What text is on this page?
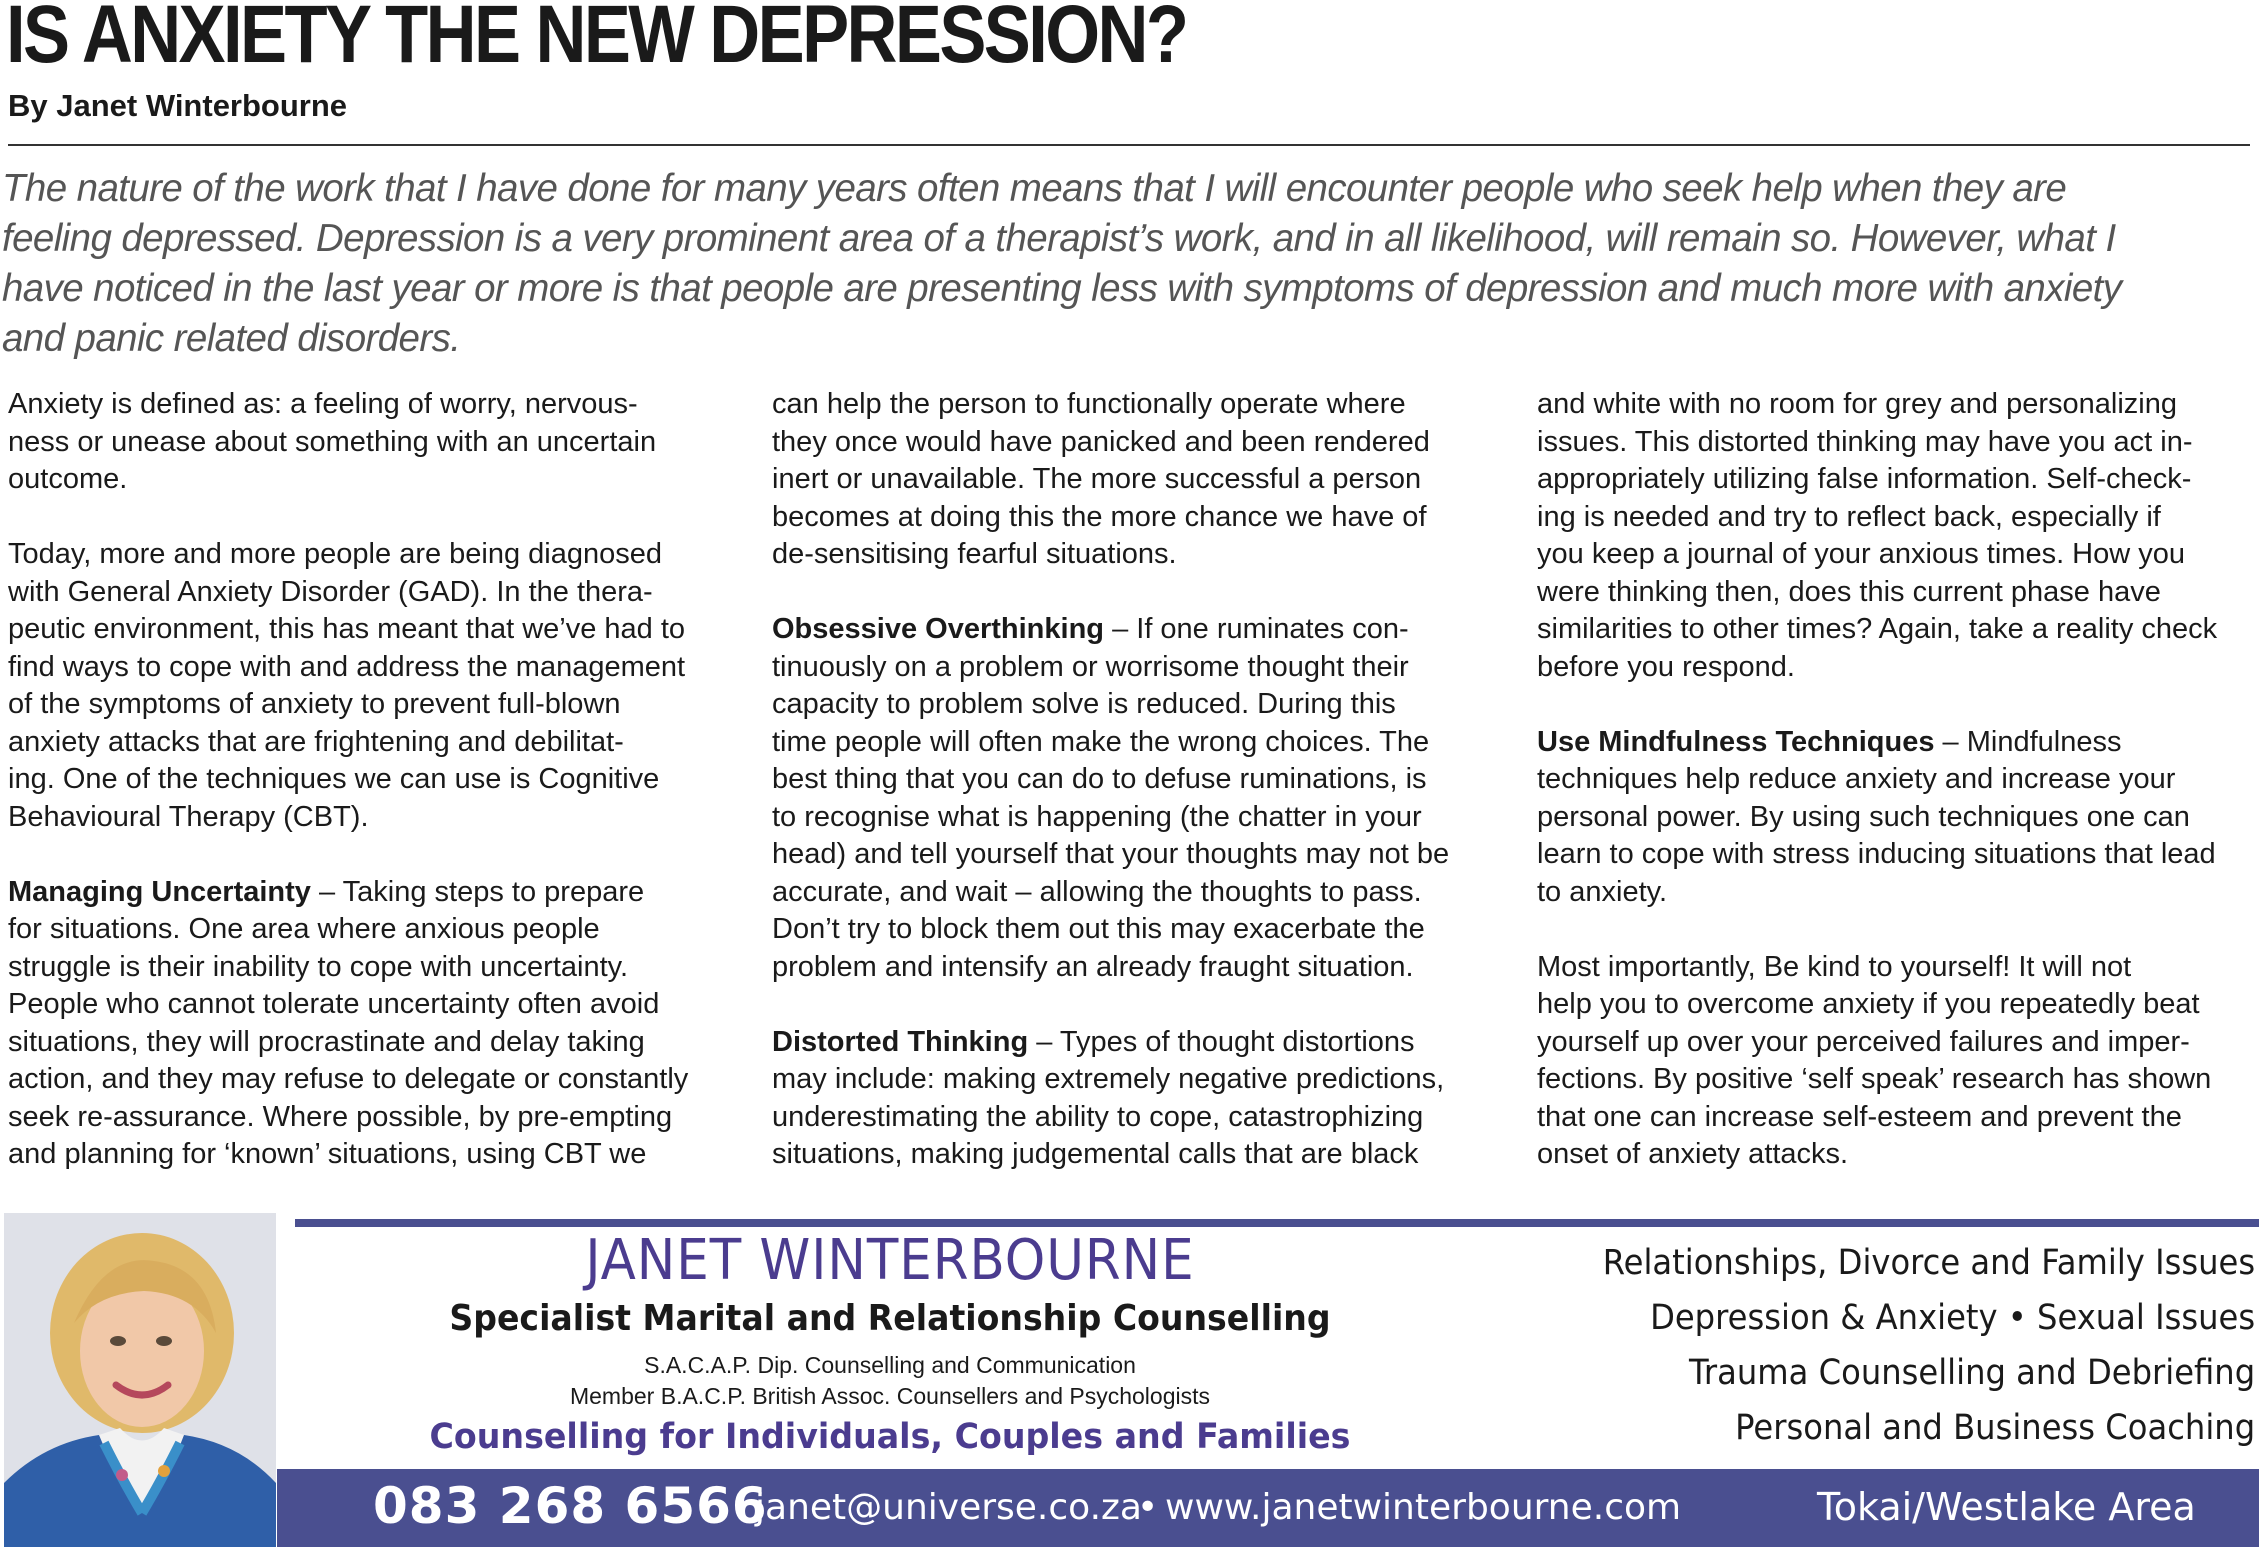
IS ANXIETY THE NEW DEPRESSION?
By Janet Winterbourne

The nature of the work that I have done for many years often means that I will encounter people who seek help when they are

feeling depressed. Depression is a very prominent area of a therapist’s work, and in all likelihood, will remain so. However, what I

have noticed in the last year or more is that people are presenting less with symptoms of depression and much more with anxiety

and panic related disorders.

Anxiety is defined as: a feeling of worry, nervous-

ness or unease about something with an uncertain

outcome.

Today, more and more people are being diagnosed

with General Anxiety Disorder (GAD). In the thera-

peutic environment, this has meant that we’ve had to

find ways to cope with and address the management

of the symptoms of anxiety to prevent full-blown

anxiety attacks that are frightening and debilitat-

ing. One of the techniques we can use is Cognitive

Behavioural Therapy (CBT).

Managing Uncertainty – Taking steps to prepare

for situations. One area where anxious people

struggle is their inability to cope with uncertainty.

People who cannot tolerate uncertainty often avoid

situations, they will procrastinate and delay taking

action, and they may refuse to delegate or constantly

seek re-assurance. Where possible, by pre-empting

and planning for ‘known’ situations, using CBT we

can help the person to functionally operate where

they once would have panicked and been rendered

inert or unavailable. The more successful a person

becomes at doing this the more chance we have of

de-sensitising fearful situations.

Obsessive Overthinking – If one ruminates con-

tinuously on a problem or worrisome thought their

capacity to problem solve is reduced. During this

time people will often make the wrong choices. The

best thing that you can do to defuse ruminations, is

to recognise what is happening (the chatter in your

head) and tell yourself that your thoughts may not be

accurate, and wait – allowing the thoughts to pass.

Don’t try to block them out this may exacerbate the

problem and intensify an already fraught situation.

Distorted Thinking – Types of thought distortions

may include: making extremely negative predictions,

underestimating the ability to cope, catastrophizing

situations, making judgemental calls that are black

and white with no room for grey and personalizing

issues. This distorted thinking may have you act in-

appropriately utilizing false information. Self-check-

ing is needed and try to reflect back, especially if

you keep a journal of your anxious times. How you

were thinking then, does this current phase have

similarities to other times? Again, take a reality check

before you respond.

Use Mindfulness Techniques – Mindfulness

techniques help reduce anxiety and increase your

personal power. By using such techniques one can

learn to cope with stress inducing situations that lead

to anxiety.

Most importantly, Be kind to yourself! It will not

help you to overcome anxiety if you repeatedly beat

yourself up over your perceived failures and imper-

fections. By positive ‘self speak’ research has shown

that one can increase self-esteem and prevent the

onset of anxiety attacks.

JANET WINTERBOURNE
Specialist Marital and Relationship Counselling
S.A.C.A.P. Dip. Counselling and Communication
Member B.A.C.P. British Assoc. Counsellers and Psychologists
Counselling for Individuals, Couples and Families
Relationships, Divorce and Family Issues
Depression & Anxiety • Sexual Issues
Trauma Counselling and Debriefing
Personal and Business Coaching
083 268 6566
janet@universe.co.za
• www.janetwinterbourne.com	Tokai/Westlake Area
